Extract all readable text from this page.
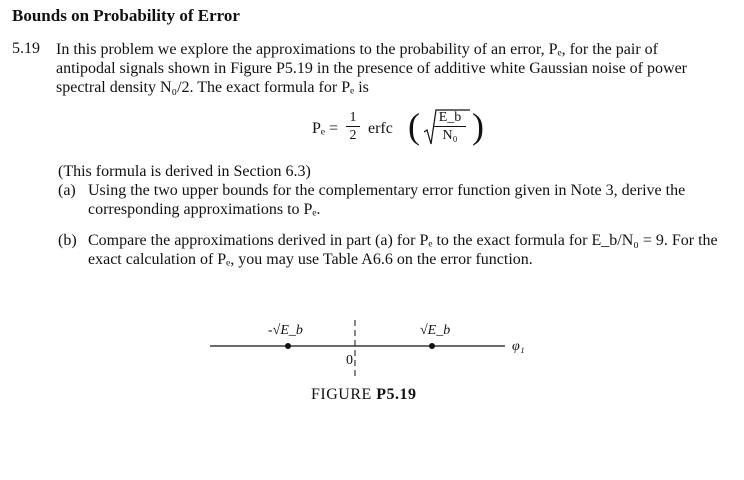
Bounds on Probability of Error
5.19 In this problem we explore the approximations to the probability of an error, Pₑ, for the pair of antipodal signals shown in Figure P5.19 in the presence of additive white Gaussian noise of power spectral density N₀/2. The exact formula for Pₑ is
Pₑ =
1
2 erfc (	E_b
N₀ )
(This formula is derived in Section 6.3)
(a) Using the two upper bounds for the complementary error function given in Note 3, derive the corresponding approximations to Pₑ.
(b) Compare the approximations derived in part (a) for Pₑ to the exact formula for E_b/N₀ = 9. For the exact calculation of Pₑ, you may use Table A6.6 on the error function.
-√E_b	√E_b
0
φ₁
FIGURE P5.19
